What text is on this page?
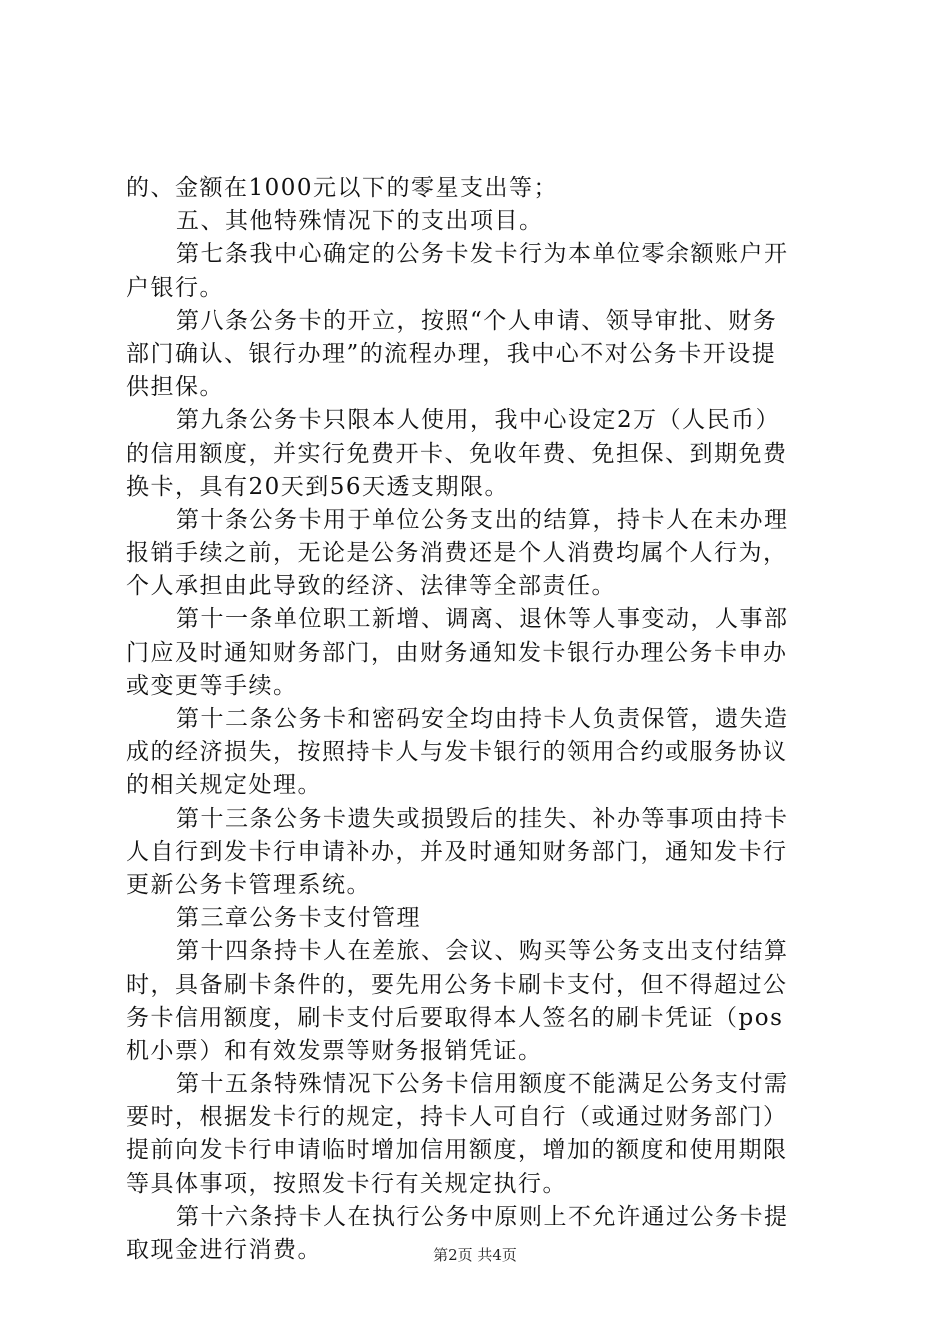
的、金额在1000元以下的零星支出等；
五、其他特殊情况下的支出项目。
第七条我中心确定的公务卡发卡行为本单位零余额账户开
户银行。
第八条公务卡的开立，按照“个人申请、领导审批、财务
部门确认、银行办理”的流程办理，我中心不对公务卡开设提
供担保。
第九条公务卡只限本人使用，我中心设定2万（人民币）
的信用额度，并实行免费开卡、免收年费、免担保、到期免费
换卡，具有20天到56天透支期限。
第十条公务卡用于单位公务支出的结算，持卡人在未办理
报销手续之前，无论是公务消费还是个人消费均属个人行为，
个人承担由此导致的经济、法律等全部责任。
第十一条单位职工新增、调离、退休等人事变动，人事部
门应及时通知财务部门，由财务通知发卡银行办理公务卡申办
或变更等手续。
第十二条公务卡和密码安全均由持卡人负责保管，遗失造
成的经济损失，按照持卡人与发卡银行的领用合约或服务协议
的相关规定处理。
第十三条公务卡遗失或损毁后的挂失、补办等事项由持卡
人自行到发卡行申请补办，并及时通知财务部门，通知发卡行
更新公务卡管理系统。
第三章公务卡支付管理
第十四条持卡人在差旅、会议、购买等公务支出支付结算
时，具备刷卡条件的，要先用公务卡刷卡支付，但不得超过公
务卡信用额度，刷卡支付后要取得本人签名的刷卡凭证（pos
机小票）和有效发票等财务报销凭证。
第十五条特殊情况下公务卡信用额度不能满足公务支付需
要时，根据发卡行的规定，持卡人可自行（或通过财务部门）
提前向发卡行申请临时增加信用额度，增加的额度和使用期限
等具体事项，按照发卡行有关规定执行。
第十六条持卡人在执行公务中原则上不允许通过公务卡提
取现金进行消费。	第2页 共4页
